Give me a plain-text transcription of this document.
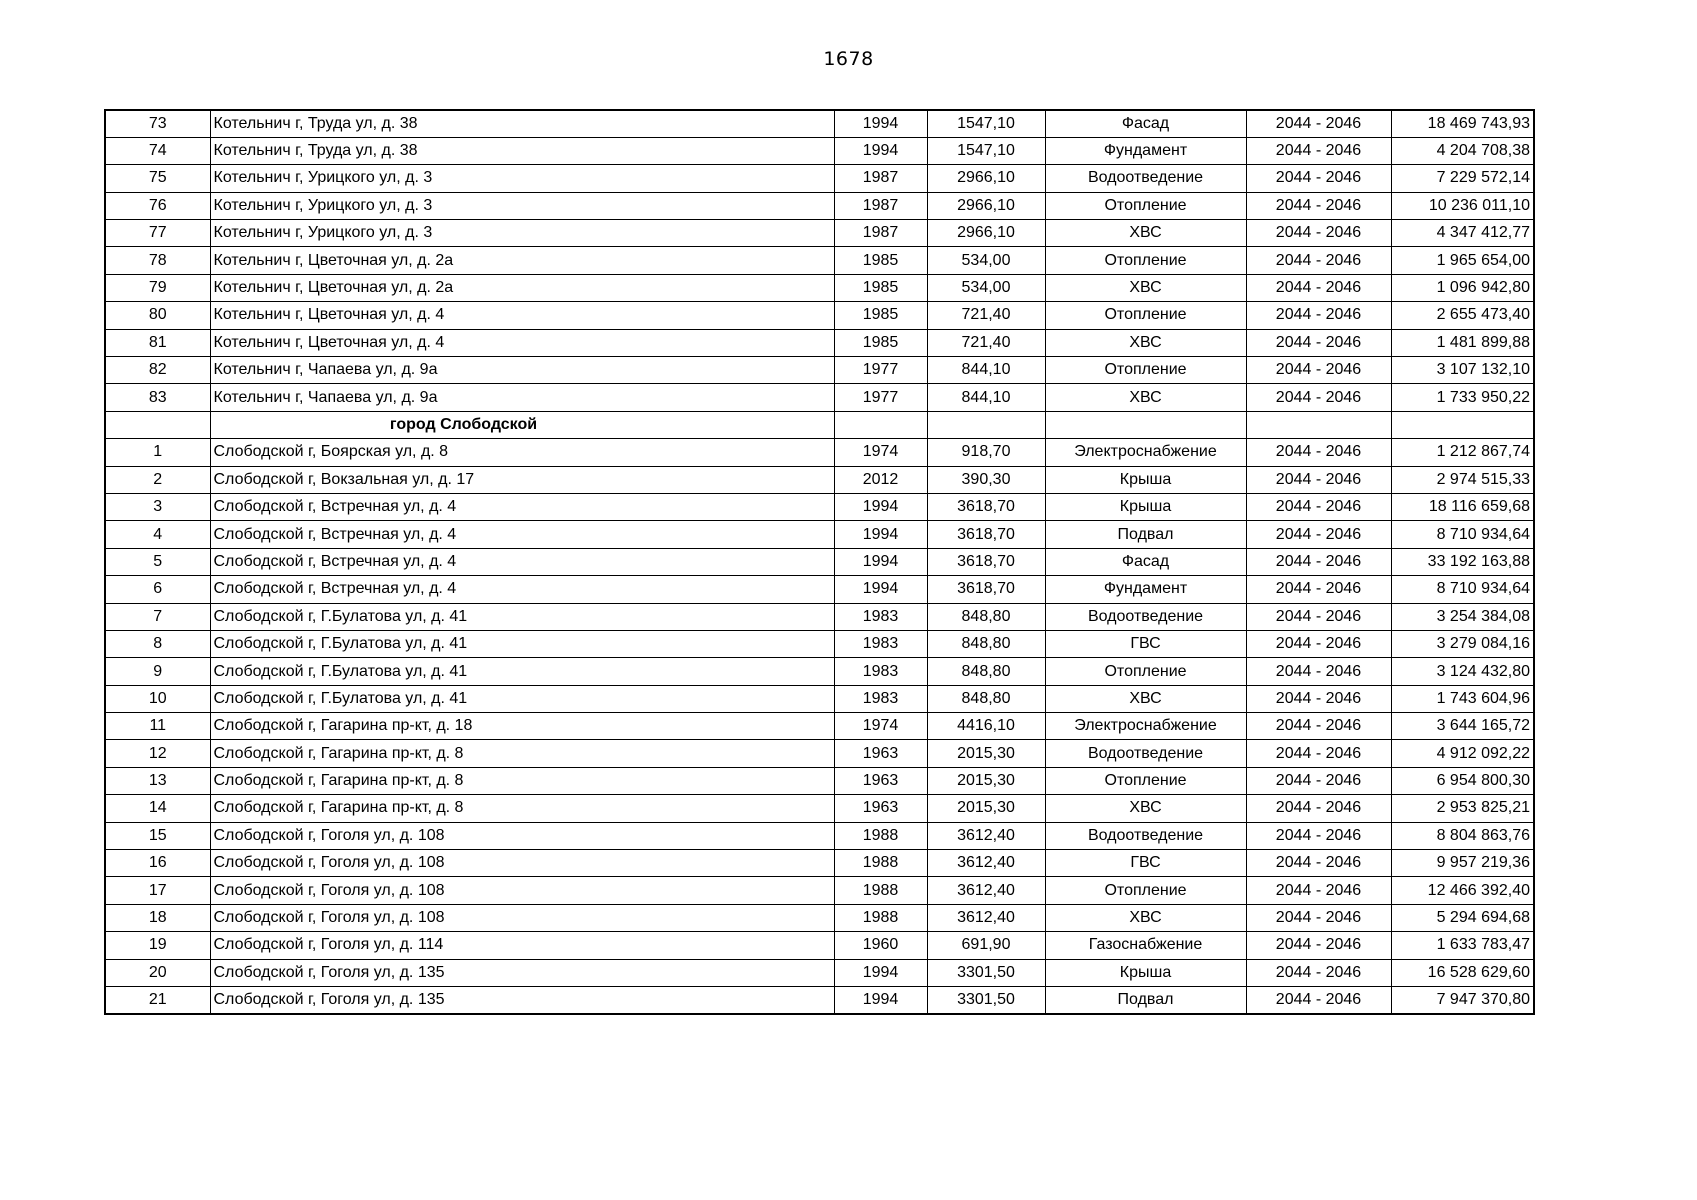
1678
73	Котельнич г, Труда ул, д. 38	1994	1547,10	Фасад	2044 - 2046	18 469 743,93
74	Котельнич г, Труда ул, д. 38	1994	1547,10	Фундамент	2044 - 2046	4 204 708,38
75	Котельнич г, Урицкого ул, д. 3	1987	2966,10	Водоотведение	2044 - 2046	7 229 572,14
76	Котельнич г, Урицкого ул, д. 3	1987	2966,10	Отопление	2044 - 2046	10 236 011,10
77	Котельнич г, Урицкого ул, д. 3	1987	2966,10	ХВС	2044 - 2046	4 347 412,77
78	Котельнич г, Цветочная ул, д. 2а	1985	534,00	Отопление	2044 - 2046	1 965 654,00
79	Котельнич г, Цветочная ул, д. 2а	1985	534,00	ХВС	2044 - 2046	1 096 942,80
80	Котельнич г, Цветочная ул, д. 4	1985	721,40	Отопление	2044 - 2046	2 655 473,40
81	Котельнич г, Цветочная ул, д. 4	1985	721,40	ХВС	2044 - 2046	1 481 899,88
82	Котельнич г, Чапаева ул, д. 9а	1977	844,10	Отопление	2044 - 2046	3 107 132,10
83	Котельнич г, Чапаева ул, д. 9а	1977	844,10	ХВС	2044 - 2046	1 733 950,22
	город Слободской					
1	Слободской г, Боярская ул, д. 8	1974	918,70	Электроснабжение	2044 - 2046	1 212 867,74
2	Слободской г, Вокзальная ул, д. 17	2012	390,30	Крыша	2044 - 2046	2 974 515,33
3	Слободской г, Встречная ул, д. 4	1994	3618,70	Крыша	2044 - 2046	18 116 659,68
4	Слободской г, Встречная ул, д. 4	1994	3618,70	Подвал	2044 - 2046	8 710 934,64
5	Слободской г, Встречная ул, д. 4	1994	3618,70	Фасад	2044 - 2046	33 192 163,88
6	Слободской г, Встречная ул, д. 4	1994	3618,70	Фундамент	2044 - 2046	8 710 934,64
7	Слободской г, Г.Булатова ул, д. 41	1983	848,80	Водоотведение	2044 - 2046	3 254 384,08
8	Слободской г, Г.Булатова ул, д. 41	1983	848,80	ГВС	2044 - 2046	3 279 084,16
9	Слободской г, Г.Булатова ул, д. 41	1983	848,80	Отопление	2044 - 2046	3 124 432,80
10	Слободской г, Г.Булатова ул, д. 41	1983	848,80	ХВС	2044 - 2046	1 743 604,96
11	Слободской г, Гагарина пр-кт, д. 18	1974	4416,10	Электроснабжение	2044 - 2046	3 644 165,72
12	Слободской г, Гагарина пр-кт, д. 8	1963	2015,30	Водоотведение	2044 - 2046	4 912 092,22
13	Слободской г, Гагарина пр-кт, д. 8	1963	2015,30	Отопление	2044 - 2046	6 954 800,30
14	Слободской г, Гагарина пр-кт, д. 8	1963	2015,30	ХВС	2044 - 2046	2 953 825,21
15	Слободской г, Гоголя ул, д. 108	1988	3612,40	Водоотведение	2044 - 2046	8 804 863,76
16	Слободской г, Гоголя ул, д. 108	1988	3612,40	ГВС	2044 - 2046	9 957 219,36
17	Слободской г, Гоголя ул, д. 108	1988	3612,40	Отопление	2044 - 2046	12 466 392,40
18	Слободской г, Гоголя ул, д. 108	1988	3612,40	ХВС	2044 - 2046	5 294 694,68
19	Слободской г, Гоголя ул, д. 114	1960	691,90	Газоснабжение	2044 - 2046	1 633 783,47
20	Слободской г, Гоголя ул, д. 135	1994	3301,50	Крыша	2044 - 2046	16 528 629,60
21	Слободской г, Гоголя ул, д. 135	1994	3301,50	Подвал	2044 - 2046	7 947 370,80
